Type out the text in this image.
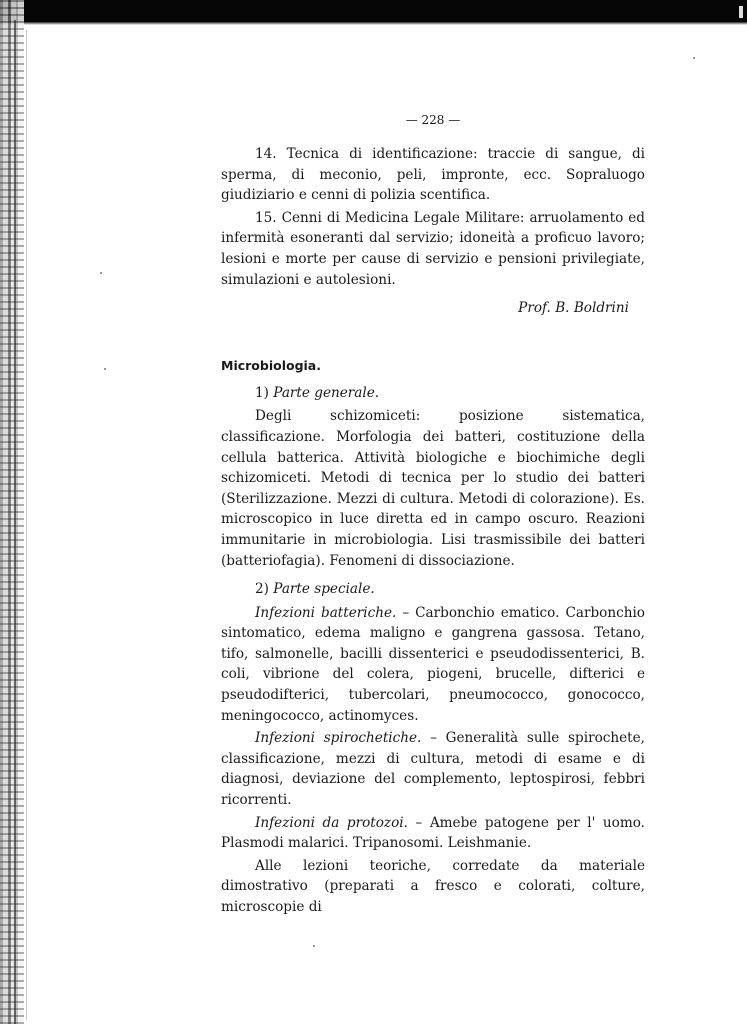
— 228 —

14. Tecnica di identificazione: traccie di sangue, di sperma, di meconio, peli, impronte, ecc. Sopraluogo giudiziario e cenni di polizia scentifica.

15. Cenni di Medicina Legale Militare: arruolamento ed infermità esoneranti dal servizio; idoneità a proficuo lavoro; lesioni e morte per cause di servizio e pensioni privilegiate, simulazioni e autolesioni.

Prof. B. Boldrini
Microbiologia.
1) Parte generale.

Degli schizomiceti: posizione sistematica, classificazione. Morfologia dei batteri, costituzione della cellula batterica. Attività biologiche e biochimiche degli schizomiceti. Metodi di tecnica per lo studio dei batteri (Sterilizzazione. Mezzi di cultura. Metodi di colorazione). Es. microscopico in luce diretta ed in campo oscuro. Reazioni immunitarie in microbiologia. Lisi trasmissibile dei batteri (batteriofagia). Fenomeni di dissociazione.

2) Parte speciale.

Infezioni batteriche. – Carbonchio ematico. Carbonchio sintomatico, edema maligno e gangrena gassosa. Tetano, tifo, salmonelle, bacilli dissenterici e pseudodissenterici, B. coli, vibrione del colera, piogeni, brucelle, difterici e pseudodifterici, tubercolari, pneumococco, gonococco, meningococco, actinomyces.

Infezioni spirochetiche. – Generalità sulle spirochete, classificazione, mezzi di cultura, metodi di esame e di diagnosi, deviazione del complemento, leptospirosi, febbri ricorrenti.

Infezioni da protozoi. – Amebe patogene per l' uomo. Plasmodi malarici. Tripanosomi. Leishmanie.

Alle lezioni teoriche, corredate da materiale dimostrativo (preparati a fresco e colorati, colture, microscopie di
